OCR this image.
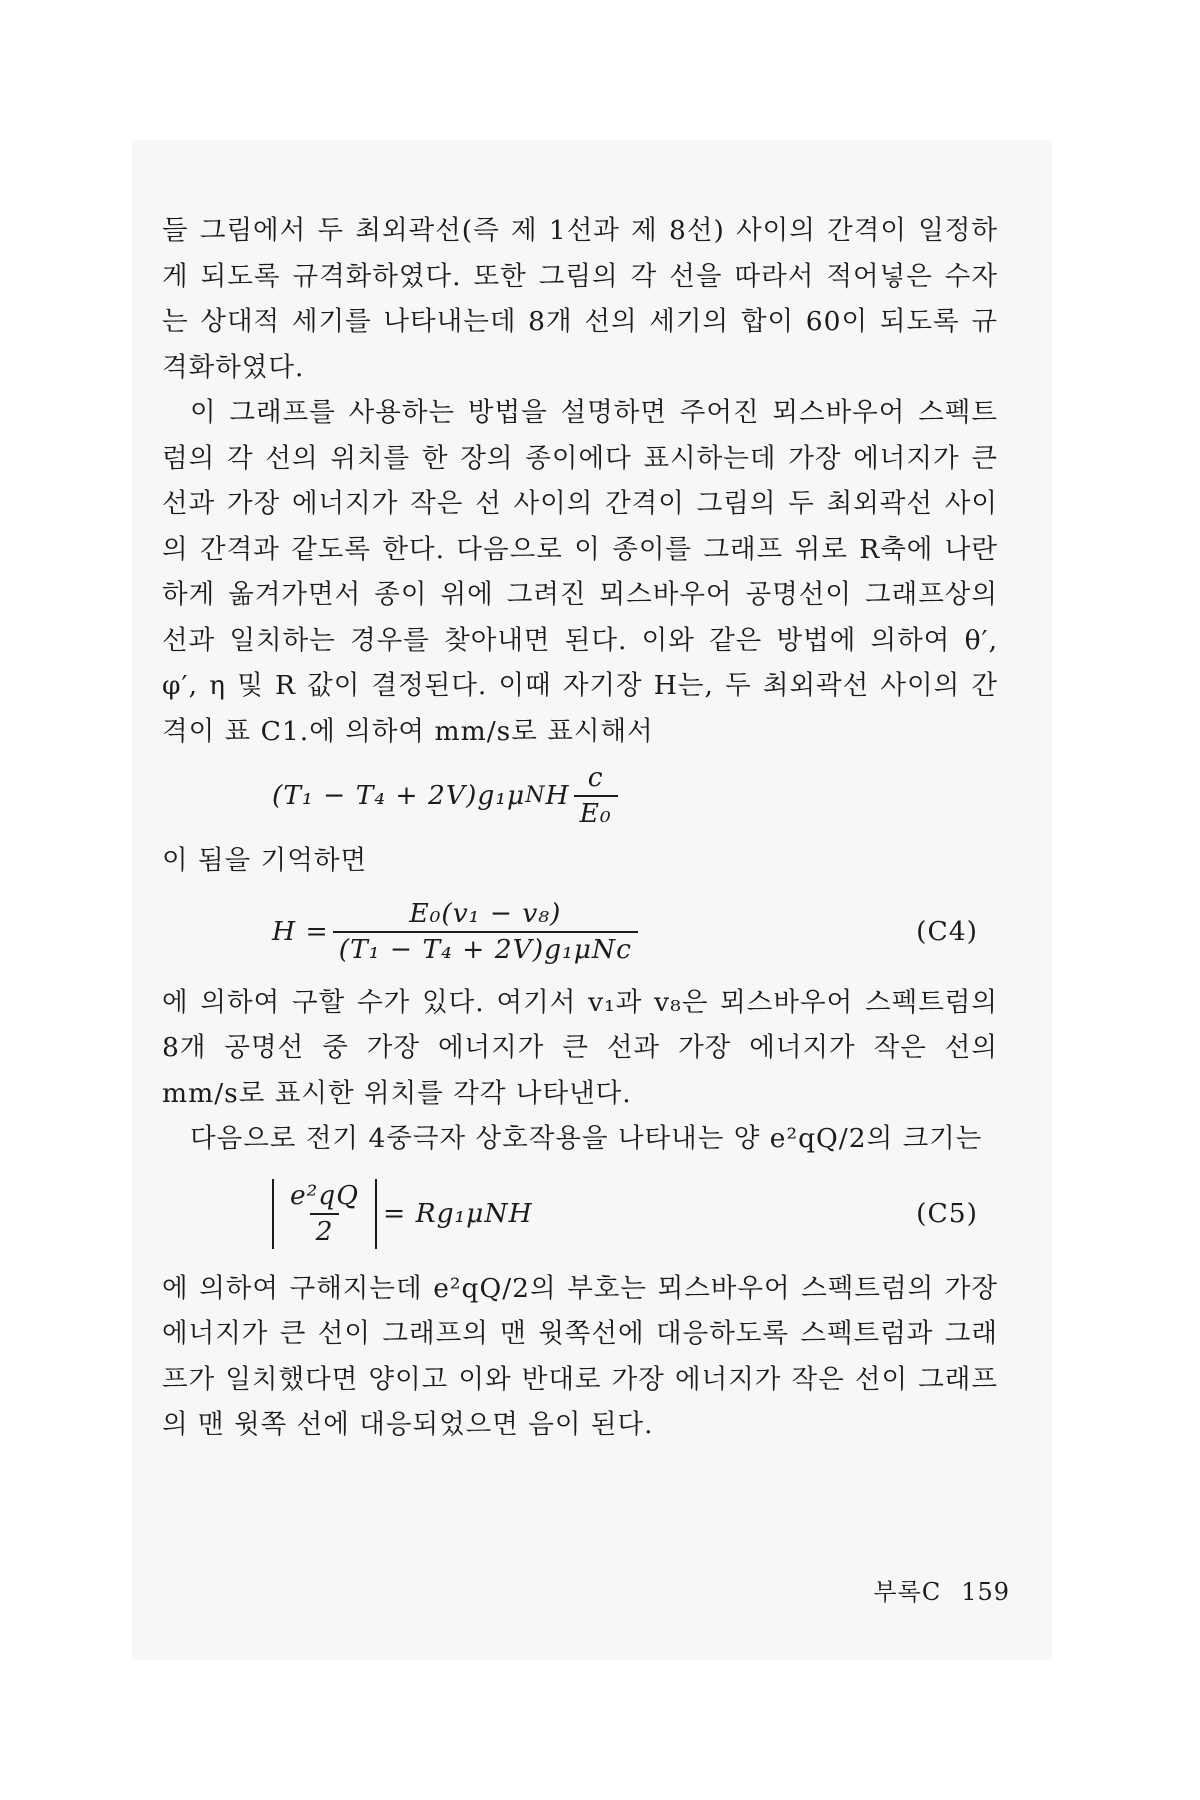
들 그림에서 두 최외곽선(즉 제 1선과 제 8선) 사이의 간격이 일정하게 되도록 규격화하였다. 또한 그림의 각 선을 따라서 적어넣은 수자는 상대적 세기를 나타내는데 8개 선의 세기의 합이 60이 되도록 규격화하였다.

이 그래프를 사용하는 방법을 설명하면 주어진 뫼스바우어 스펙트럼의 각 선의 위치를 한 장의 종이에다 표시하는데 가장 에너지가 큰 선과 가장 에너지가 작은 선 사이의 간격이 그림의 두 최외곽선 사이의 간격과 같도록 한다. 다음으로 이 종이를 그래프 위로 R축에 나란하게 옮겨가면서 종이 위에 그려진 뫼스바우어 공명선이 그래프상의 선과 일치하는 경우를 찾아내면 된다. 이와 같은 방법에 의하여 θ′, φ′, η 및 R 값이 결정된다. 이때 자기장 H는, 두 최외곽선 사이의 간격이 표 C1.에 의하여 mm/s로 표시해서

(T₁ − T₄ + 2V)g₁μ N H $\frac{c}{\text{E₀}}$

이 됨을 기억하면

$H = \frac{\text{E₀(v₁ − v₈)}}{\text{(T₁ − T₄ + 2V)g₁μNc}}$	(C4)

에 의하여 구할 수가 있다. 여기서 v₁과 v₈은 뫼스바우어 스펙트럼의 8개 공명선 중 가장 에너지가 큰 선과 가장 에너지가 작은 선의 mm/s로 표시한 위치를 각각 나타낸다.

다음으로 전기 4중극자 상호작용을 나타내는 양 e²qQ/2의 크기는

$\frac{\text{e²qQ}}{2} = Rg_1\mu NH$	(C5)

에 의하여 구해지는데 e²qQ/2의 부호는 뫼스바우어 스펙트럼의 가장 에너지가 큰 선이 그래프의 맨 윗쪽선에 대응하도록 스펙트럼과 그래프가 일치했다면 양이고 이와 반대로 가장 에너지가 작은 선이 그래프의 맨 윗쪽 선에 대응되었으면 음이 된다.

부록C 159
